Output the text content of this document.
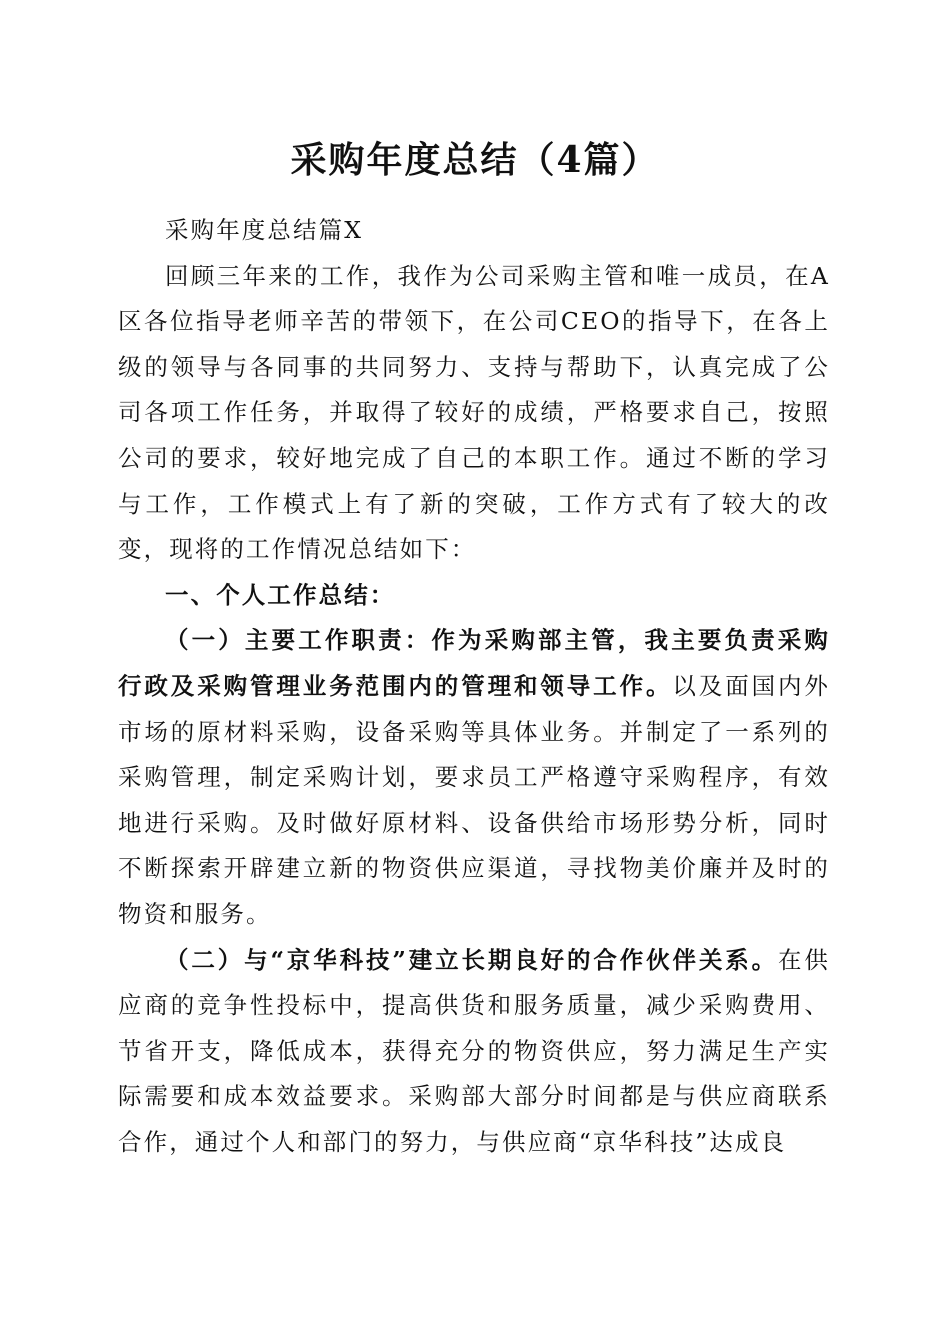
采购年度总结（4篇）

采购年度总结篇X

回顾三年来的工作，我作为公司采购主管和唯一成员，在A区各位指导老师辛苦的带领下，在公司CEO的指导下，在各上级的领导与各同事的共同努力、支持与帮助下，认真完成了公司各项工作任务，并取得了较好的成绩，严格要求自己，按照公司的要求，较好地完成了自己的本职工作。通过不断的学习与工作，工作模式上有了新的突破，工作方式有了较大的改变，现将的工作情况总结如下：

一、个人工作总结：

（一）主要工作职责：作为采购部主管，我主要负责采购行政及采购管理业务范围内的管理和领导工作。以及面国内外市场的原材料采购，设备采购等具体业务。并制定了一系列的采购管理，制定采购计划，要求员工严格遵守采购程序，有效地进行采购。及时做好原材料、设备供给市场形势分析，同时不断探索开辟建立新的物资供应渠道，寻找物美价廉并及时的物资和服务。

（二）与“京华科技”建立长期良好的合作伙伴关系。在供应商的竞争性投标中，提高供货和服务质量，减少采购费用、节省开支，降低成本，获得充分的物资供应，努力满足生产实际需要和成本效益要求。采购部大部分时间都是与供应商联系合作，通过个人和部门的努力，与供应商“京华科技”达成良
